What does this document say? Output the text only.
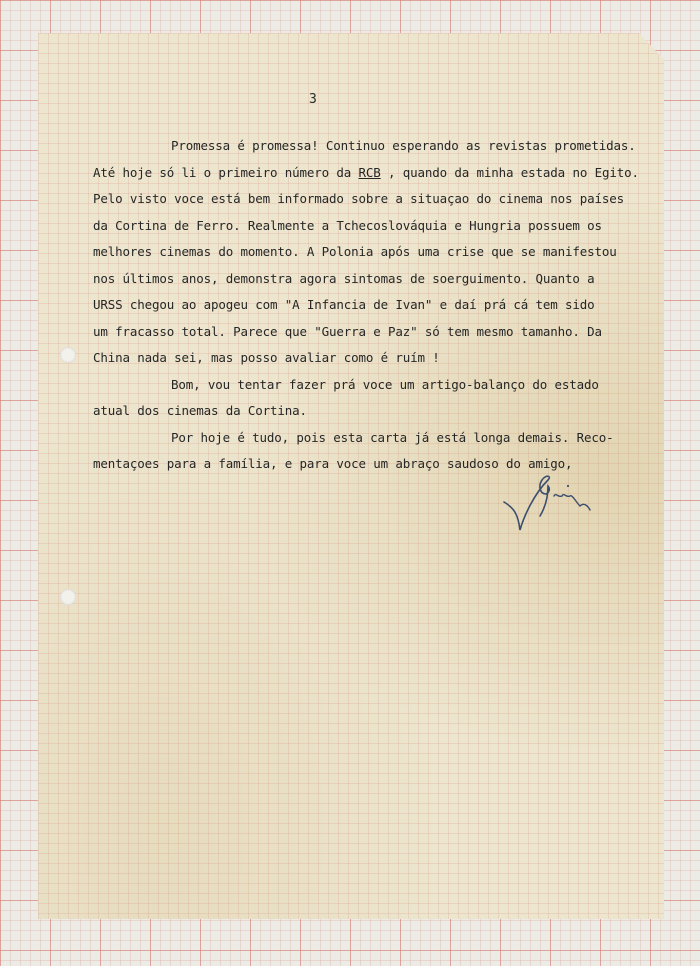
3
Promessa é promessa! Continuo esperando as revistas prometidas.
Até hoje só li o primeiro número da RCB , quando da minha estada no Egito.
Pelo visto voce está bem informado sobre a situaçao do cinema nos países
da Cortina de Ferro. Realmente a Tchecoslováquia e Hungria possuem os
melhores cinemas do momento. A Polonia após uma crise que se manifestou
nos últimos anos, demonstra agora sintomas de soerguimento. Quanto a
URSS chegou ao apogeu com "A Infancia de Ivan" e daí prá cá tem sido
um fracasso total. Parece que "Guerra e Paz" só tem mesmo tamanho. Da
China nada sei, mas posso avaliar como é ruím !
Bom, vou tentar fazer prá voce um artigo-balanço do estado
atual dos cinemas da Cortina.
Por hoje é tudo, pois esta carta já está longa demais. Reco-
mentaçoes para a família, e para voce um abraço saudoso do amigo,
